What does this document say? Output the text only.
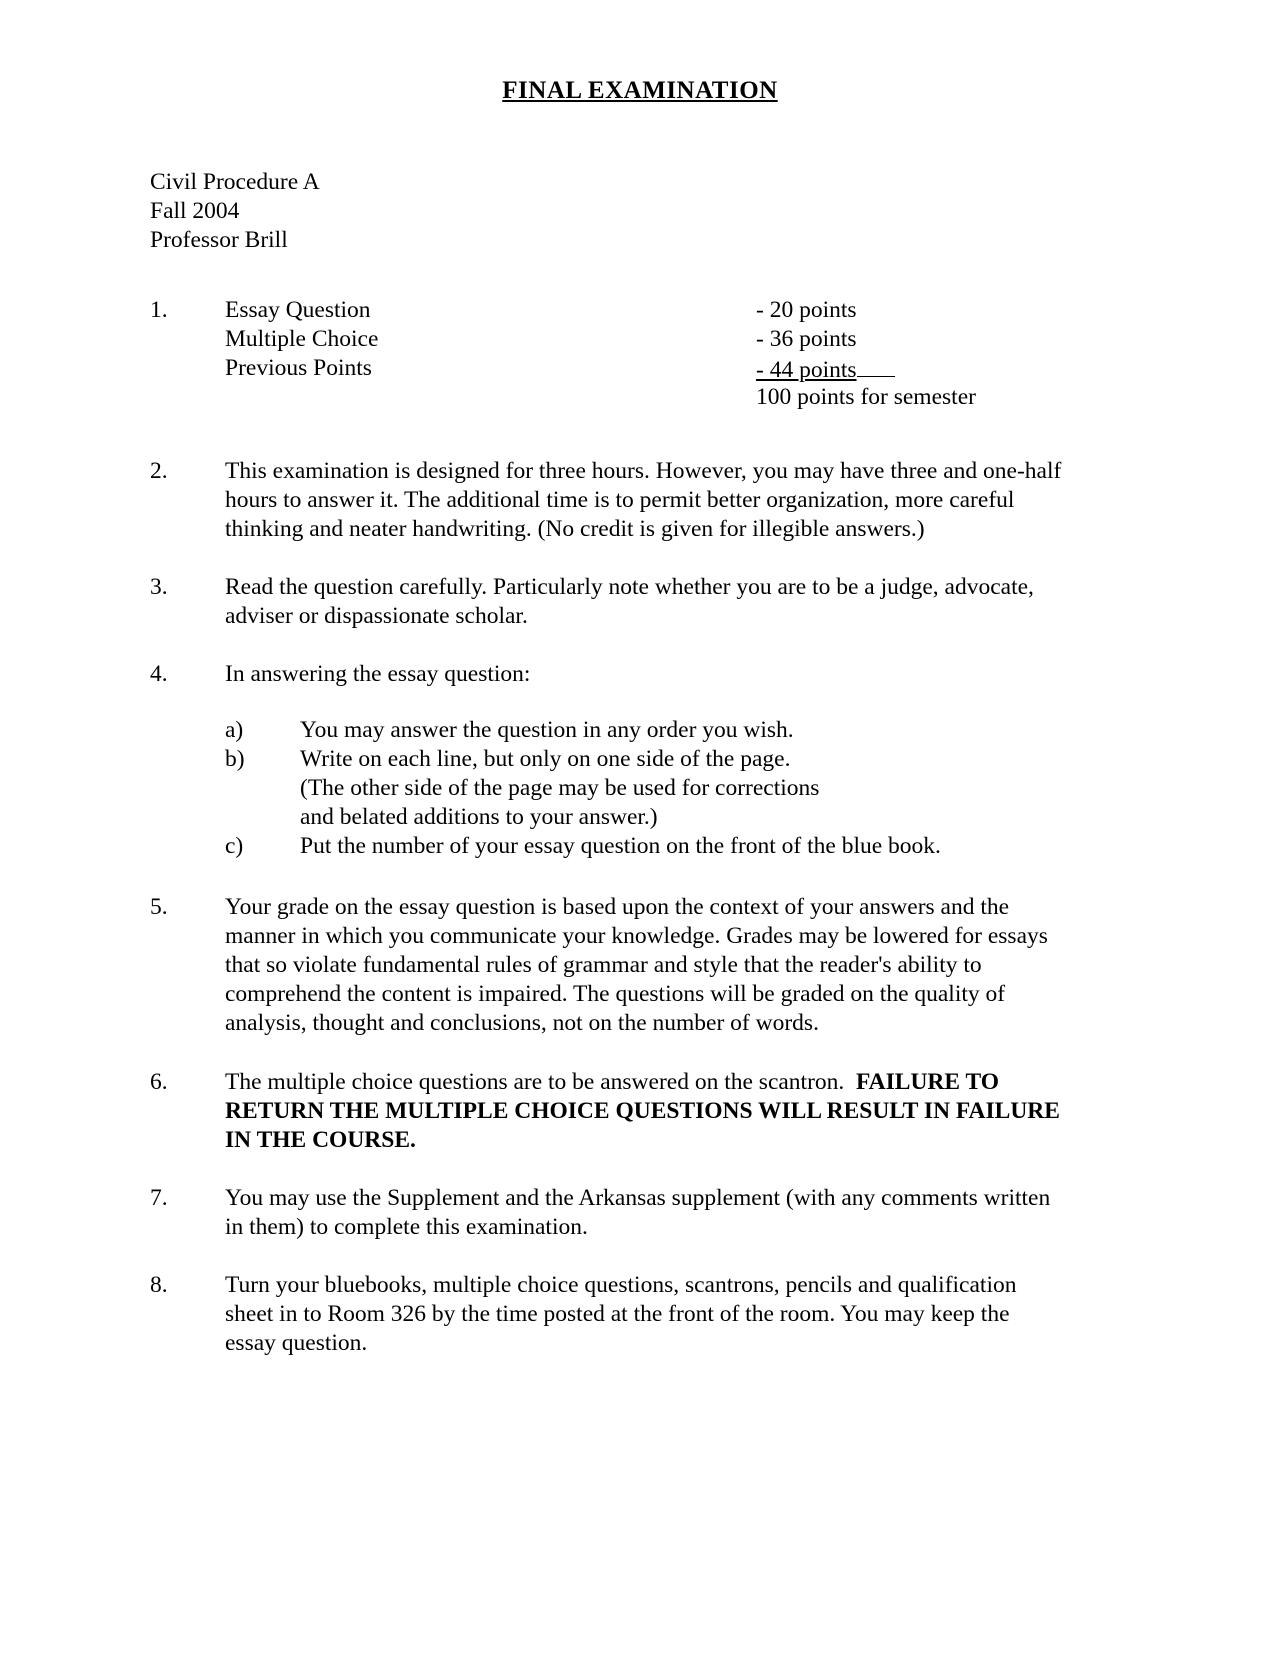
FINAL EXAMINATION
Civil Procedure A
Fall 2004
Professor Brill
1.	Essay Question	- 20 points
Multiple Choice	- 36 points
Previous Points	- 44 points
100 points for semester
2.	This examination is designed for three hours. However, you may have three and one-half
hours to answer it. The additional time is to permit better organization, more careful
thinking and neater handwriting. (No credit is given for illegible answers.)
3.	Read the question carefully. Particularly note whether you are to be a judge, advocate,
adviser or dispassionate scholar.
4.	In answering the essay question:
a) You may answer the question in any order you wish.
b) Write on each line, but only on one side of the page.
(The other side of the page may be used for corrections
and belated additions to your answer.)
c) Put the number of your essay question on the front of the blue book.
5.	Your grade on the essay question is based upon the context of your answers and the
manner in which you communicate your knowledge. Grades may be lowered for essays
that so violate fundamental rules of grammar and style that the reader's ability to
comprehend the content is impaired. The questions will be graded on the quality of
analysis, thought and conclusions, not on the number of words.
6.	The multiple choice questions are to be answered on the scantron.  FAILURE TO
RETURN THE MULTIPLE CHOICE QUESTIONS WILL RESULT IN FAILURE
IN THE COURSE.
7.	You may use the Supplement and the Arkansas supplement (with any comments written
in them) to complete this examination.
8.	Turn your bluebooks, multiple choice questions, scantrons, pencils and qualification
sheet in to Room 326 by the time posted at the front of the room. You may keep the
essay question.
